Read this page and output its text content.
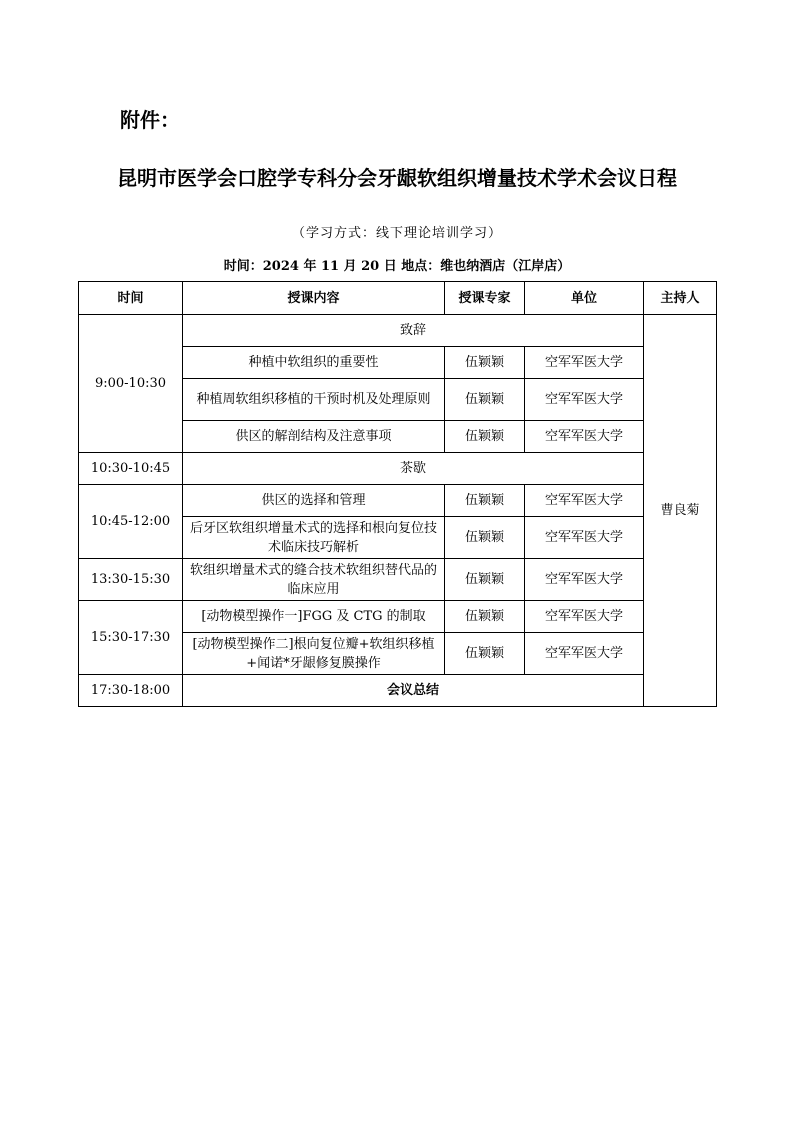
附件：
昆明市医学会口腔学专科分会牙龈软组织增量技术学术会议日程
（学习方式：线下理论培训学习）
时间：2024 年 11 月 20 日 地点：维也纳酒店（江岸店）
时间	授课内容	授课专家	单位	主持人
9:00-10:30	致辞			曹良菊
	种植中软组织的重要性	伍颖颖	空军军医大学	
	种植周软组织移植的干预时机及处理原则	伍颖颖	空军军医大学	
	供区的解剖结构及注意事项	伍颖颖	空军军医大学	
10:30-10:45	茶歇			
10:45-12:00	供区的选择和管理	伍颖颖	空军军医大学	
	后牙区软组织增量术式的选择和根向复位技术临床技巧解析	伍颖颖	空军军医大学	
13:30-15:30	软组织增量术式的缝合技术软组织替代品的临床应用	伍颖颖	空军军医大学	
15:30-17:30	[动物模型操作一]FGG 及 CTG 的制取	伍颖颖	空军军医大学	
	[动物模型操作二]根向复位瓣+软组织移植+闻诺*牙龈修复膜操作	伍颖颖	空军军医大学	
17:30-18:00	会议总结			
